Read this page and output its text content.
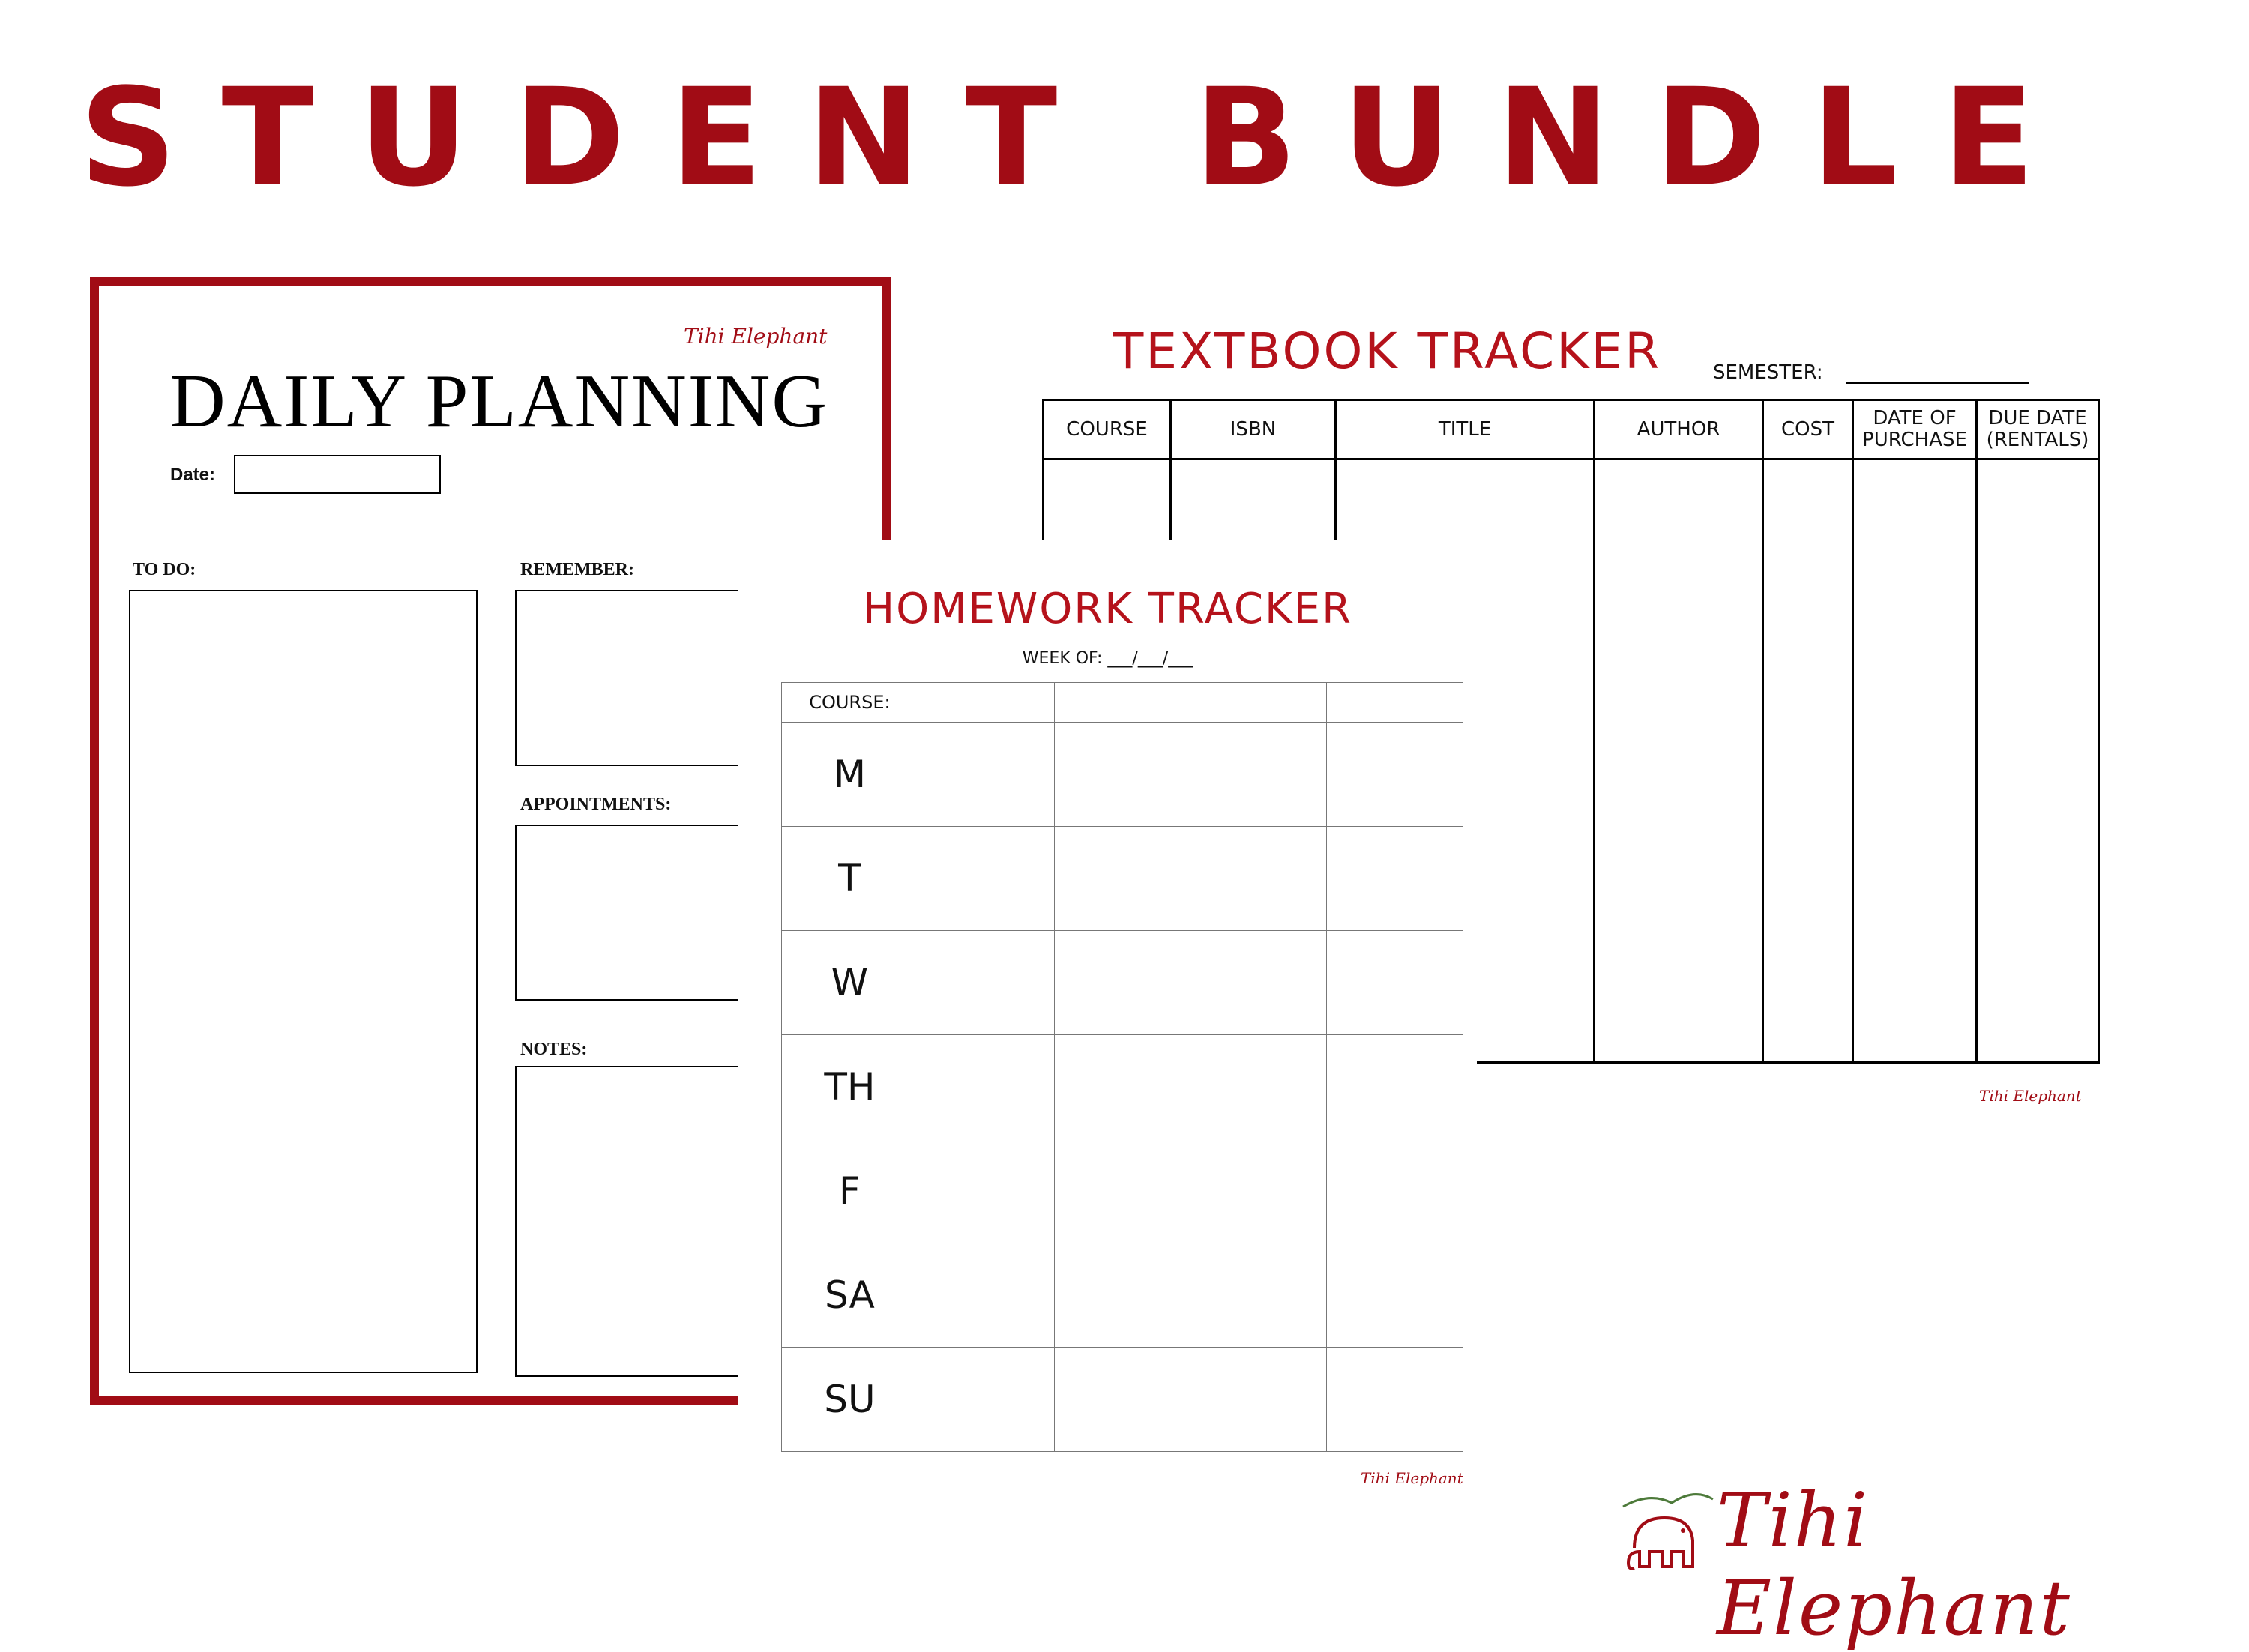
STUDENT BUNDLE
Tihi Elephant
DAILY PLANNING
Date:
TO DO:	REMEMBER:
APPOINTMENTS:
NOTES:
TEXTBOOK TRACKER	SEMESTER:
COURSE	ISBN	TITLE	AUTHOR	COST	DATE OF PURCHASE	DUE DATE (RENTALS)

Tihi Elephant
HOMEWORK TRACKER
WEEK OF: ___/___/___
COURSE:				
M				
T				
W				
TH				
F				
SA				
SU				
Tihi Elephant	Tihi Elephant
